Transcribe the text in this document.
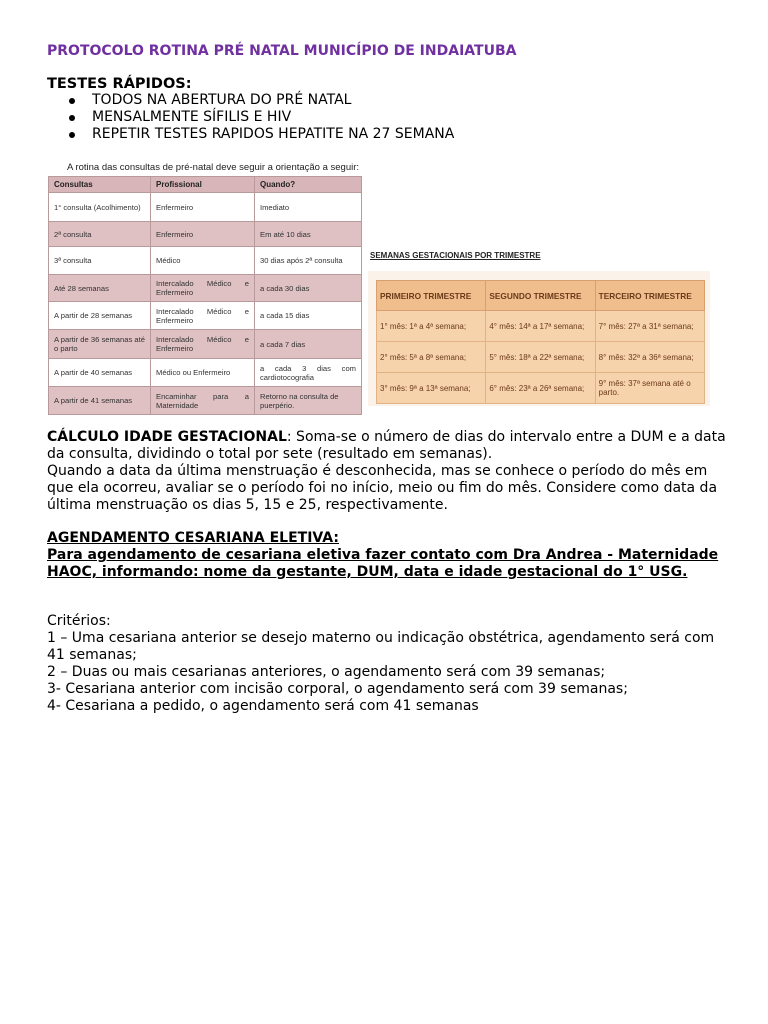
PROTOCOLO ROTINA PRÉ NATAL MUNICÍPIO DE INDAIATUBA
TESTES RÁPIDOS:
TODOS NA ABERTURA DO PRÉ NATAL
MENSALMENTE SÍFILIS E HIV
REPETIR TESTES RAPIDOS HEPATITE NA 27 SEMANA
A rotina das consultas de pré-natal deve seguir a orientação a seguir:
Consultas	Profissional	Quando?
1° consulta (Acolhimento)	Enfermeiro	Imediato
2ª consulta	Enfermeiro	Em até 10 dias
3ª consulta	Médico	30 dias após 2ª consulta
Até 28 semanas	Intercalado Médico e Enfermeiro	a cada 30 dias
A partir de 28 semanas	Intercalado Médico e Enfermeiro	a cada 15 dias
A partir de 36 semanas até o parto	Intercalado Médico e Enfermeiro	a cada 7 dias
A partir de 40 semanas	Médico ou Enfermeiro	a cada 3 dias com cardiotocografia
A partir de 41 semanas	Encaminhar para a Maternidade	Retorno na consulta de puerpério.
SEMANAS GESTACIONAIS POR TRIMESTRE
PRIMEIRO TRIMESTRE	SEGUNDO TRIMESTRE	TERCEIRO TRIMESTRE
1° mês: 1ª a 4ª semana;	4° mês: 14ª a 17ª semana;	7° mês: 27ª a 31ª semana;
2° mês: 5ª a 8ª semana;	5° mês: 18ª a 22ª semana;	8° mês: 32ª a 36ª semana;
3° mês: 9ª a 13ª semana;	6° mês: 23ª a 26ª semana;	9° mês: 37ª semana até o parto.
CÁLCULO IDADE GESTACIONAL: Soma-se o número de dias do intervalo entre a DUM e a data da consulta, dividindo o total por sete (resultado em semanas).
Quando a data da última menstruação é desconhecida, mas se conhece o período do mês em que ela ocorreu, avaliar se o período foi no início, meio ou fim do mês. Considere como data da última menstruação os dias 5, 15 e 25, respectivamente.
AGENDAMENTO CESARIANA ELETIVA:
Para agendamento de cesariana eletiva fazer contato com Dra Andrea - Maternidade HAOC, informando: nome da gestante, DUM, data e idade gestacional do 1° USG.
Critérios:
1 – Uma cesariana anterior se desejo materno ou indicação obstétrica, agendamento será com 41 semanas;
2 – Duas ou mais cesarianas anteriores, o agendamento será com 39 semanas;
3- Cesariana anterior com incisão corporal, o agendamento será com 39 semanas;
4- Cesariana a pedido, o agendamento será com 41 semanas
